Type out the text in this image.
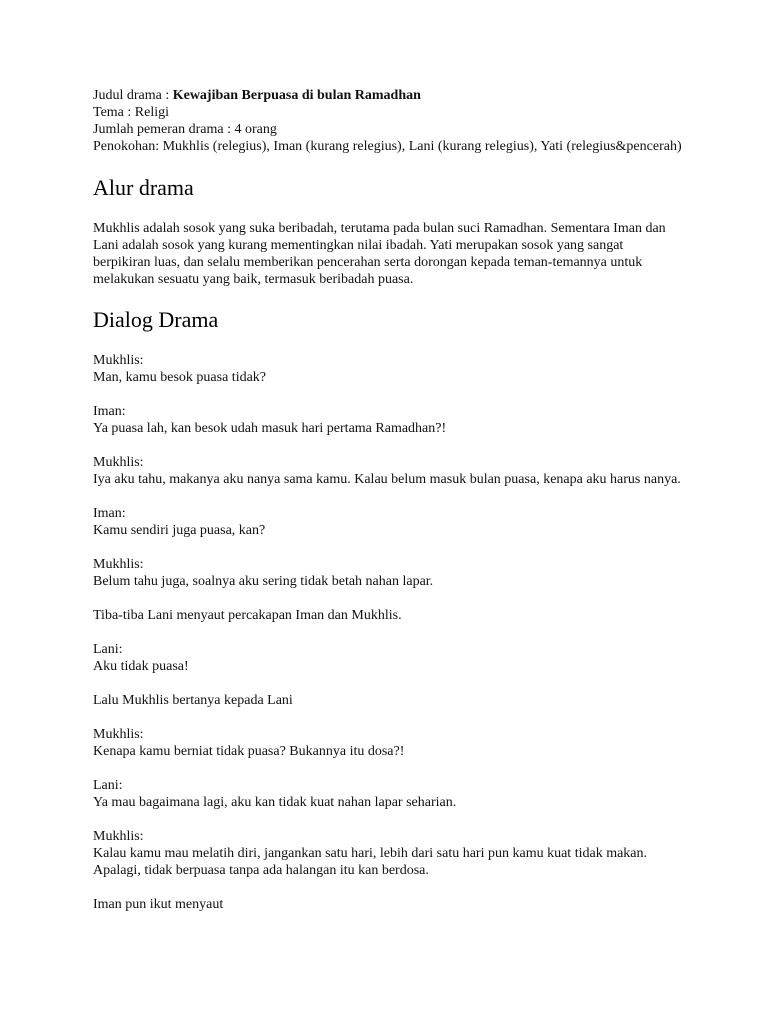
Judul drama : Kewajiban Berpuasa di bulan Ramadhan

Tema : Religi

Jumlah pemeran drama : 4 orang

Penokohan: Mukhlis (relegius), Iman (kurang relegius), Lani (kurang relegius), Yati (relegius&pencerah)

Alur drama

Mukhlis adalah sosok yang suka beribadah, terutama pada bulan suci Ramadhan. Sementara Iman dan Lani adalah sosok yang kurang mementingkan nilai ibadah. Yati merupakan sosok yang sangat berpikiran luas, dan selalu memberikan pencerahan serta dorongan kepada teman-temannya untuk melakukan sesuatu yang baik, termasuk beribadah puasa.

Dialog Drama

Mukhlis:
Man, kamu besok puasa tidak?

Iman:
Ya puasa lah, kan besok udah masuk hari pertama Ramadhan?!

Mukhlis:
Iya aku tahu, makanya aku nanya sama kamu. Kalau belum masuk bulan puasa, kenapa aku harus nanya.

Iman:
Kamu sendiri juga puasa, kan?

Mukhlis:
Belum tahu juga, soalnya aku sering tidak betah nahan lapar.

Tiba-tiba Lani menyaut percakapan Iman dan Mukhlis.

Lani:
Aku tidak puasa!

Lalu Mukhlis bertanya kepada Lani

Mukhlis:
Kenapa kamu berniat tidak puasa? Bukannya itu dosa?!

Lani:
Ya mau bagaimana lagi, aku kan tidak kuat nahan lapar seharian.

Mukhlis:
Kalau kamu mau melatih diri, jangankan satu hari, lebih dari satu hari pun kamu kuat tidak makan. Apalagi, tidak berpuasa tanpa ada halangan itu kan berdosa.

Iman pun ikut menyaut
